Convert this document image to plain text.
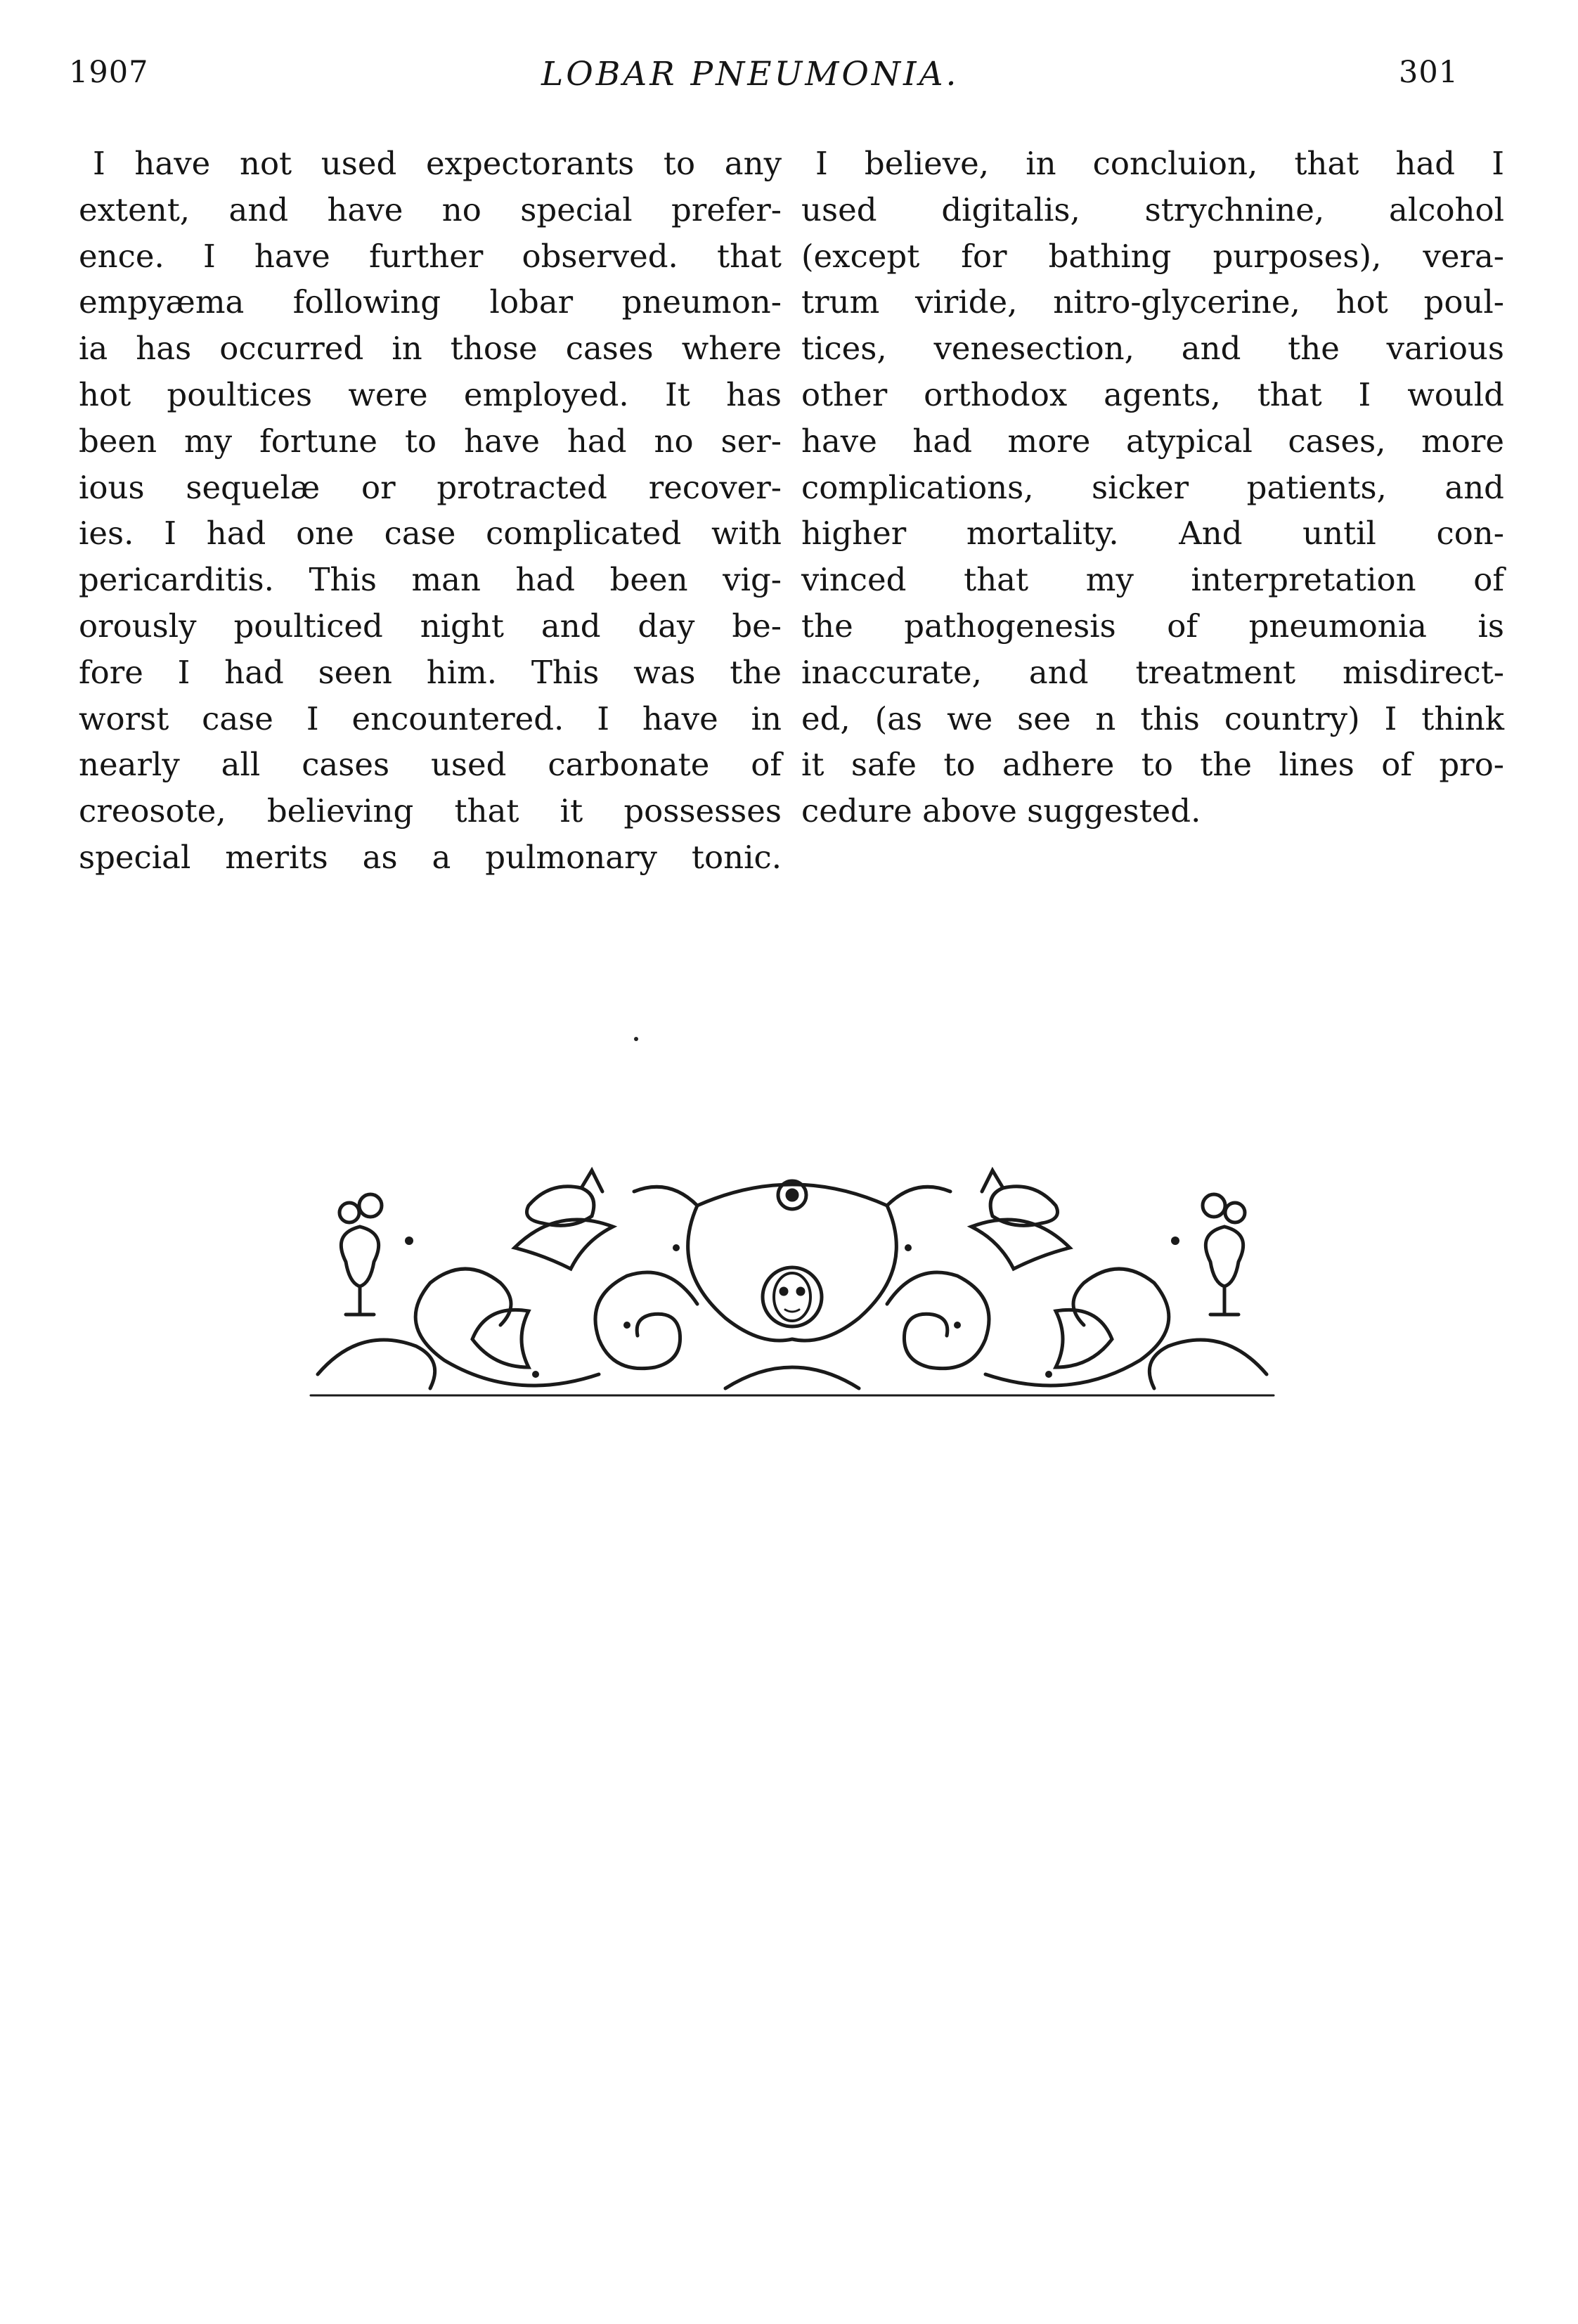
1907	LOBAR PNEUMONIA.	301
I have not used expectorants to any
extent, and have no special prefer-
ence. I have further observed. that
empyæma following lobar pneumon-
ia has occurred in those cases where
hot poultices were employed. It has
been my fortune to have had no ser-
ious sequelæ or protracted recover-
ies. I had one case complicated with
pericarditis. This man had been vig-
orously poulticed night and day be-
fore I had seen him. This was the
worst case I encountered. I have in
nearly all cases used carbonate of
creosote, believing that it possesses
special merits as a pulmonary tonic.
I believe, in concluion, that had I
used digitalis, strychnine, alcohol
(except for bathing purposes), vera-
trum viride, nitro-glycerine, hot poul-
tices, venesection, and the various
other orthodox agents, that I would
have had more atypical cases, more
complications, sicker patients, and
higher mortality. And until con-
vinced that my interpretation of
the pathogenesis of pneumonia is
inaccurate, and treatment misdirect-
ed, (as we see n this country) I think
it safe to adhere to the lines of pro-
cedure above suggested.
